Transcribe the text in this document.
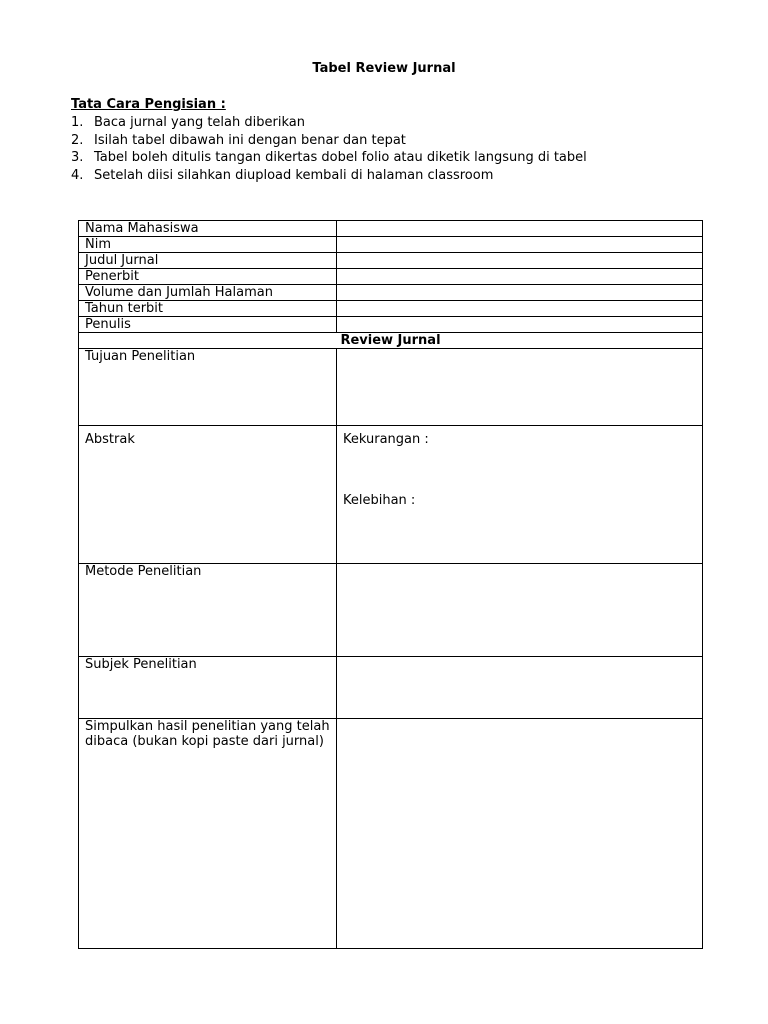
Tabel Review Jurnal
Tata Cara Pengisian :
1. Baca jurnal yang telah diberikan
2. Isilah tabel dibawah ini dengan benar dan tepat
3. Tabel boleh ditulis tangan dikertas dobel folio atau diketik langsung di tabel
4. Setelah diisi silahkan diupload kembali di halaman classroom
Nama Mahasiswa	
Nim	
Judul Jurnal	
Penerbit	
Volume dan Jumlah Halaman	
Tahun terbit	
Penulis	
Review Jurnal	
Tujuan Penelitian	
Abstrak	Kekurangan :
Kelebihan :

Metode Penelitian	
Subjek Penelitian	
Simpulkan hasil penelitian yang telah dibaca (bukan kopi paste dari jurnal)	
